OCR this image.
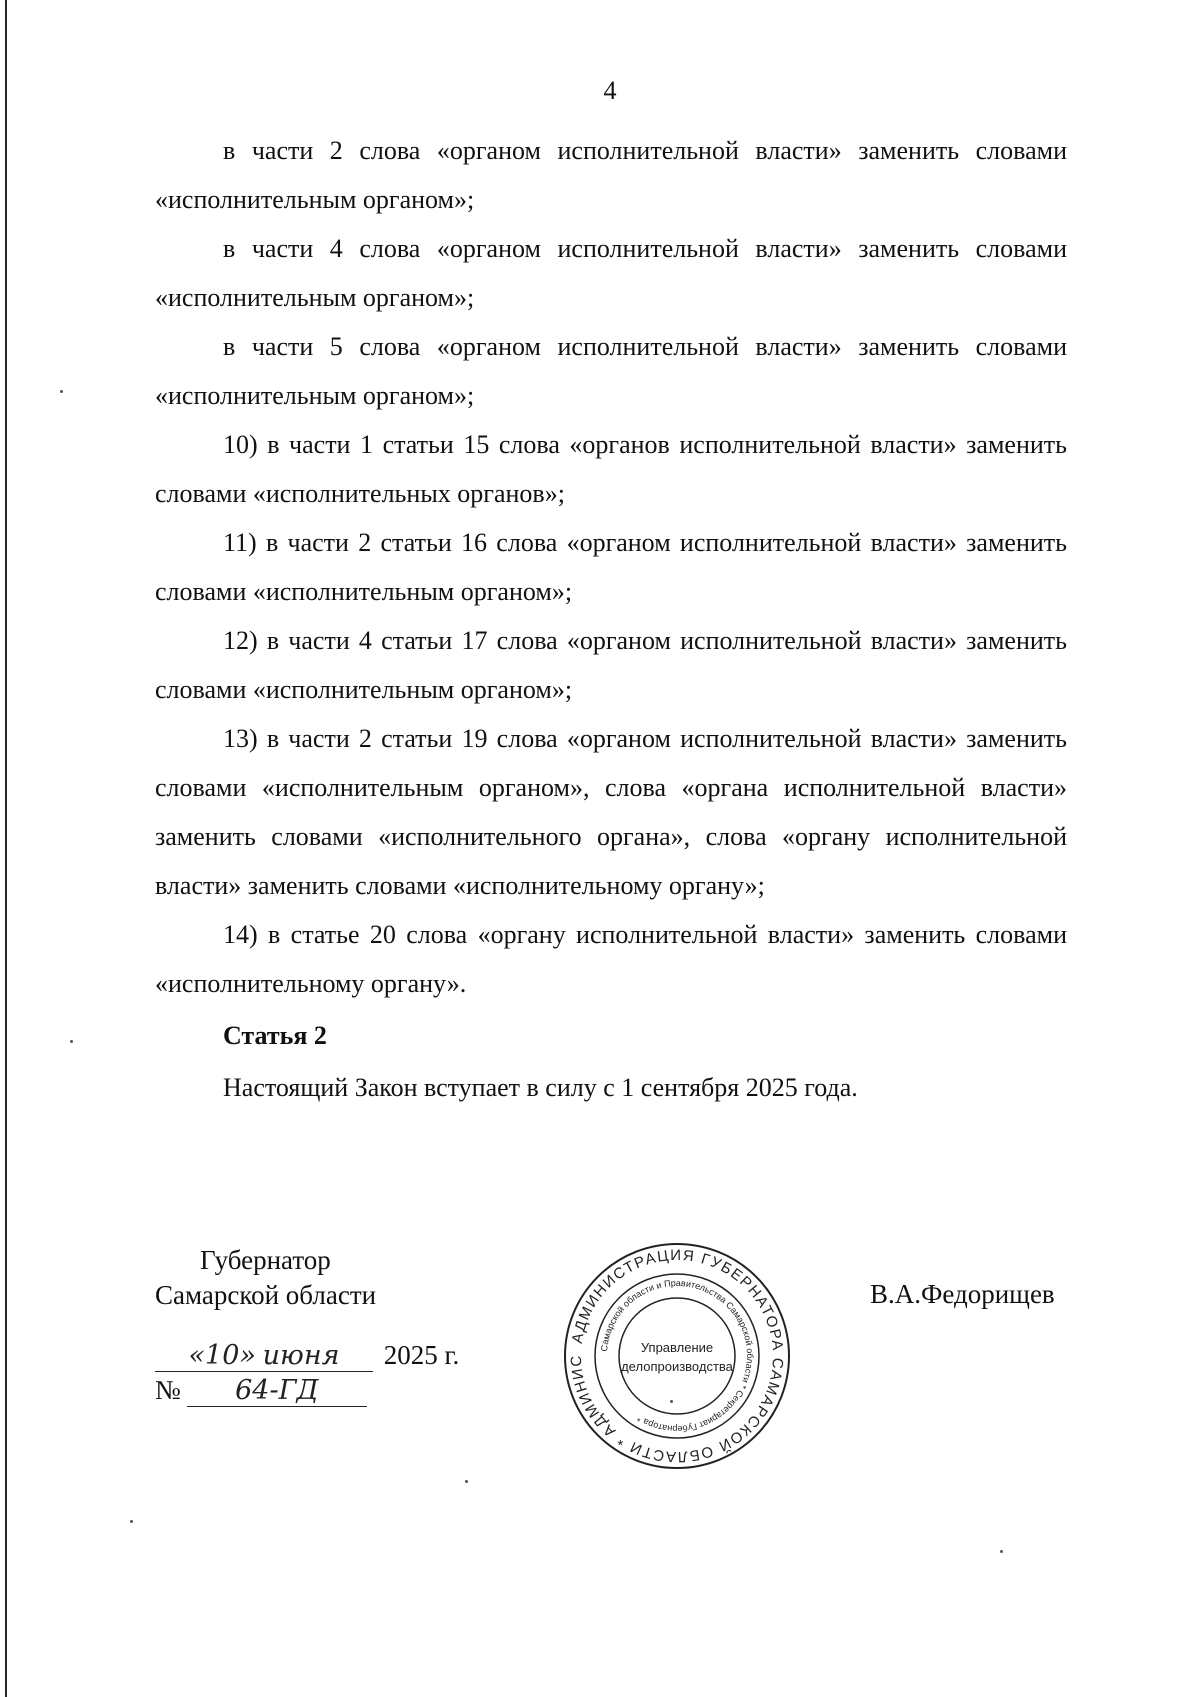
4

в части 2 слова «органом исполнительной власти» заменить словами «исполнительным органом»;

в части 4 слова «органом исполнительной власти» заменить словами «исполнительным органом»;

в части 5 слова «органом исполнительной власти» заменить словами «исполнительным органом»;

10) в части 1 статьи 15 слова «органов исполнительной власти» заменить словами «исполнительных органов»;

11) в части 2 статьи 16 слова «органом исполнительной власти» заменить словами «исполнительным органом»;

12) в части 4 статьи 17 слова «органом исполнительной власти» заменить словами «исполнительным органом»;

13) в части 2 статьи 19 слова «органом исполнительной власти» заменить словами «исполнительным органом», слова «органа исполнительной власти» заменить словами «исполнительного органа», слова «органу исполнительной власти» заменить словами «исполнительному органу»;

14) в статье 20 слова «органу исполнительной власти» заменить словами «исполнительному органу».

Статья 2

Настоящий Закон вступает в силу с 1 сентября 2025 года.

Губернатор
Самарской области
«10» июня 2025 г.
№ 64-ГД
В.А.Федорищев
АДМИНИСТРАЦИЯ ГУБЕРНАТОРА САМАРСКОЙ ОБЛАСТИ * АДМИНИС
Самарской области и Правительства Самарской области * Секретариат Губернатора *
Управление
делопроизводства
